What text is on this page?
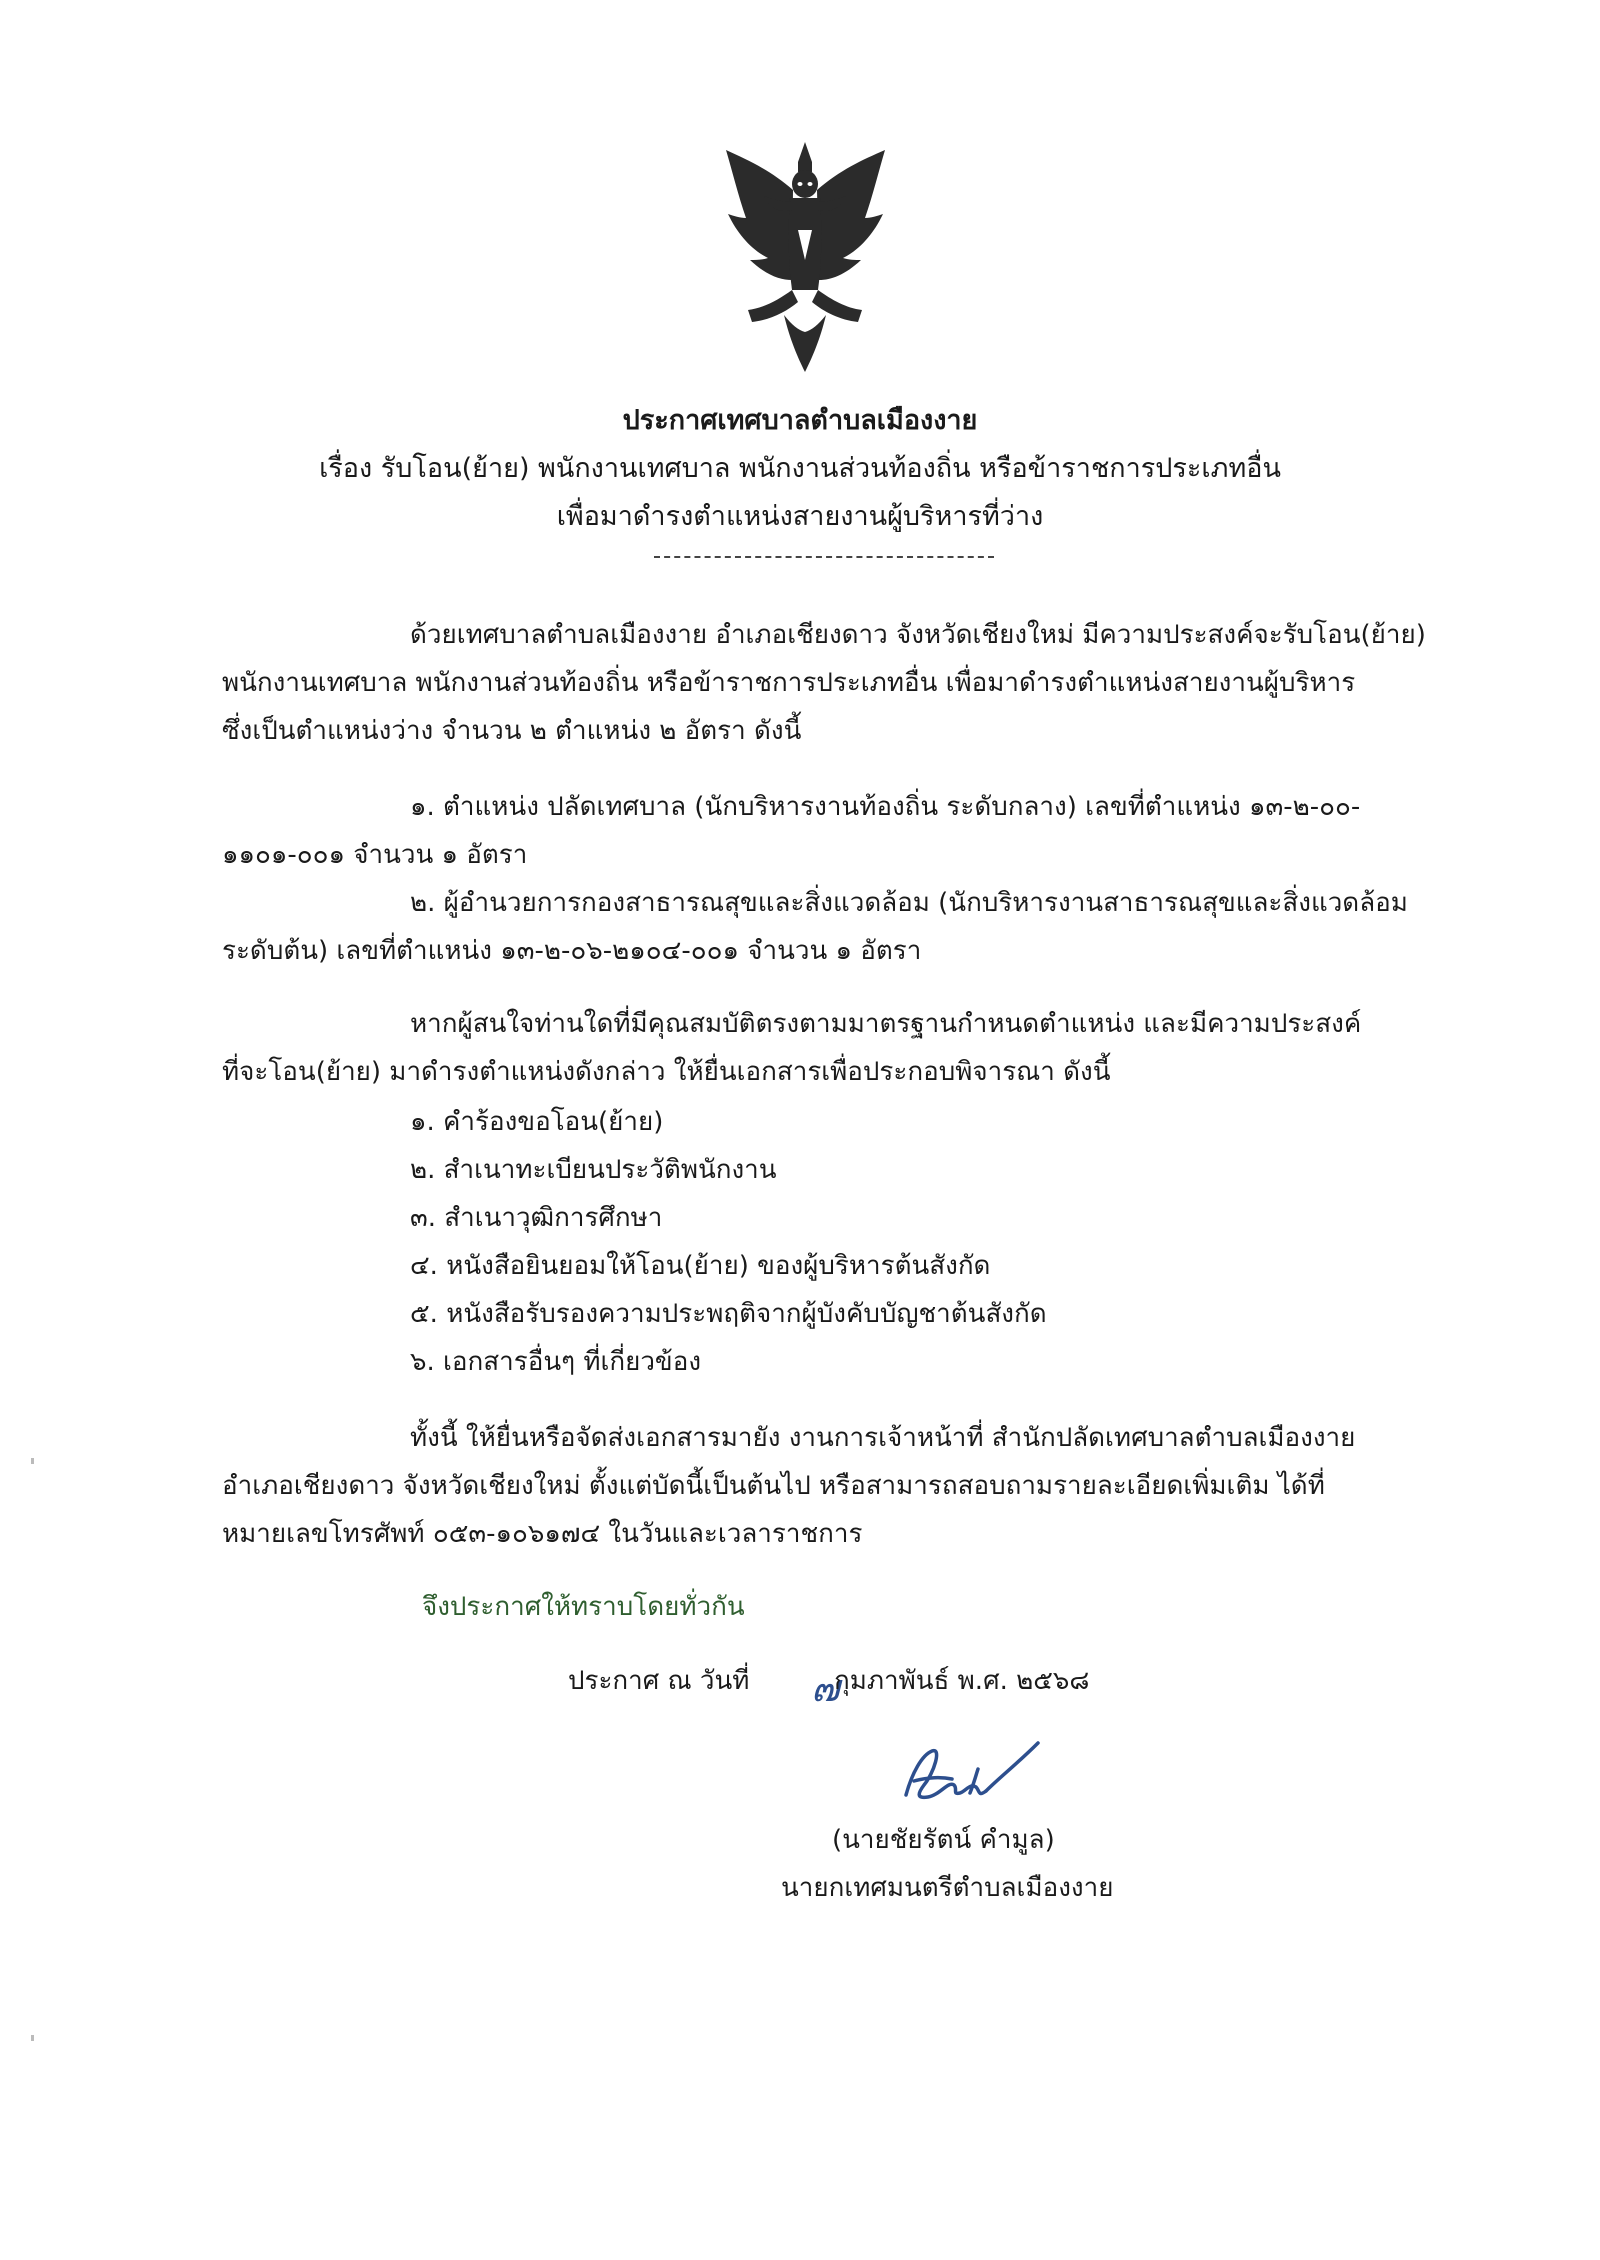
ประกาศเทศบาลตำบลเมืองงาย
เรื่อง รับโอน(ย้าย) พนักงานเทศบาล พนักงานส่วนท้องถิ่น หรือข้าราชการประเภทอื่น
เพื่อมาดำรงตำแหน่งสายงานผู้บริหารที่ว่าง
ด้วยเทศบาลตำบลเมืองงาย อำเภอเชียงดาว จังหวัดเชียงใหม่ มีความประสงค์จะรับโอน(ย้าย)
พนักงานเทศบาล พนักงานส่วนท้องถิ่น หรือข้าราชการประเภทอื่น เพื่อมาดำรงตำแหน่งสายงานผู้บริหาร
ซึ่งเป็นตำแหน่งว่าง จำนวน ๒ ตำแหน่ง ๒ อัตรา ดังนี้
๑. ตำแหน่ง ปลัดเทศบาล (นักบริหารงานท้องถิ่น ระดับกลาง) เลขที่ตำแหน่ง ๑๓-๒-๐๐-
๑๑๐๑-๐๐๑ จำนวน ๑ อัตรา
๒. ผู้อำนวยการกองสาธารณสุขและสิ่งแวดล้อม (นักบริหารงานสาธารณสุขและสิ่งแวดล้อม
ระดับต้น) เลขที่ตำแหน่ง ๑๓-๒-๐๖-๒๑๐๔-๐๐๑ จำนวน ๑ อัตรา
หากผู้สนใจท่านใดที่มีคุณสมบัติตรงตามมาตรฐานกำหนดตำแหน่ง และมีความประสงค์
ที่จะโอน(ย้าย) มาดำรงตำแหน่งดังกล่าว ให้ยื่นเอกสารเพื่อประกอบพิจารณา ดังนี้
๑. คำร้องขอโอน(ย้าย)
๒. สำเนาทะเบียนประวัติพนักงาน
๓. สำเนาวุฒิการศึกษา
๔. หนังสือยินยอมให้โอน(ย้าย) ของผู้บริหารต้นสังกัด
๕. หนังสือรับรองความประพฤติจากผู้บังคับบัญชาต้นสังกัด
๖. เอกสารอื่นๆ ที่เกี่ยวข้อง
ทั้งนี้ ให้ยื่นหรือจัดส่งเอกสารมายัง งานการเจ้าหน้าที่ สำนักปลัดเทศบาลตำบลเมืองงาย
อำเภอเชียงดาว จังหวัดเชียงใหม่ ตั้งแต่บัดนี้เป็นต้นไป หรือสามารถสอบถามรายละเอียดเพิ่มเติม ได้ที่
หมายเลขโทรศัพท์ ๐๕๓-๑๐๖๑๗๔ ในวันและเวลาราชการ
จึงประกาศให้ทราบโดยทั่วกัน
ประกาศ ณ วันที่ ๗
กุมภาพันธ์ พ.ศ. ๒๕๖๘
(นายชัยรัตน์ คำมูล)
นายกเทศมนตรีตำบลเมืองงาย
